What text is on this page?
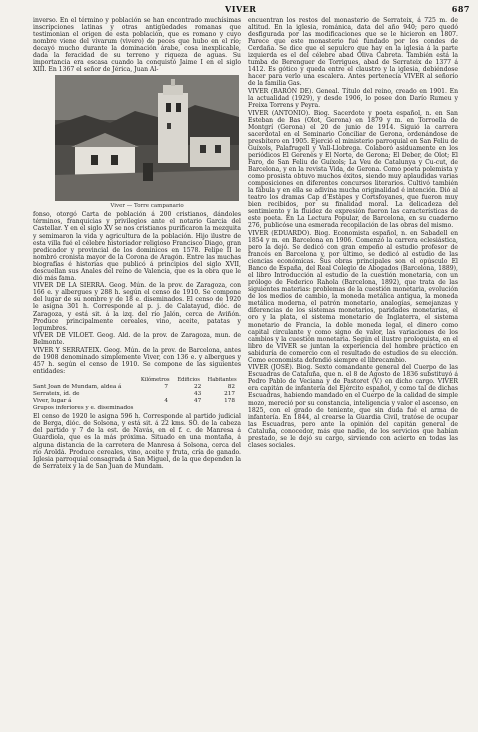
VIVER	687

inverso. En el término y población se han encontrado muchísimas inscripciones latinas y otras antigüedades romanas que testimonian el origen de esta población, que es romano y cuyo nombre viene del vivarum (vivero) de peces que hubo en el río; decayó mucho durante la dominación árabe, cosa inexplicable, dada la feracidad de su terreno y riqueza de aguas. Su importancia era escasa cuando la conquistó Jaime I en el siglo XIII. En 1367 el señor de Jérica, Juan Al-

Viver — Torre campanario

fonso, otorgó Carta de población á 200 cristianos, dándoles términos, franquicias y privilegios ante el notario Garcia del Castellar. Y en el siglo XV se nos cristianos purificaron la mezquita y semimaron la vida y agricultura de la población. Hijo ilustre de esta villa fué el célebre historiador religioso Francisco Diago, gran predicador y provincial de los dominicos en 1578. Felipe II le nombró cronista mayor de la Corona de Aragón. Entre las muchas biografías é historias que publicó á principios del siglo XVII, descuellan sus Anales del reino de Valencia, que es la obra que le dió más fama.

VIVER DE LA SIERRA. Geog. Mún. de la prov. de Zaragoza, con 166 e. y albergues y 288 h. según el censo de 1910. Se compone del lugar de su nombre y de 18 e. diseminados. El censo de 1920 le asigna 301 h. Corresponde al p. j. de Calatayud, dióc. de Zaragoza, y está sit. á la izq. del río Jalón, cerca de Aviñón. Produce principalmente cereales, vino, aceite, patatas y legumbres.

VIVER DE VILOET. Geog. Ald. de la prov. de Zaragoza, mun. de Belmonte.

VIVER Y SERRATEIX. Geog. Mún. de la prov. de Barcelona, antes de 1908 denominado simplemente Viver, con 136 e. y albergues y 457 h. según el censo de 1910. Se compone de las siguientes entidades:

	Kilómetros	Edificios	Habitantes
Sant Joan de Mundam, aldea á	7	22	82
Serrateix, íd. de		43	217
Viver, lugar á	4	47	178
Grupos inferiores y e. diseminados			

El censo de 1920 le asigna 596 h. Corresponde al partido judicial de Berga, dióc. de Solsona, y está sit. á 22 kms. SO. de la cabeza del partido y 7 de la est. de Navás, en el f. c. de Manresa á Guardiola, que es la más próxima. Situado en una montaña, á alguna distancia de la carretera de Manresa á Solsona, cerca del río Aroldá. Produce cereales, vino, aceite y fruta, cría de ganado. Iglesia parroquial consagrada á San Miguel, de la que dependen la de Serrateix y la de San Juan de Mundam.

encuentran los restos del monasterio de Serrateix, á 725 m. de altitud. En la iglesia, románica, data del año 940; pero quedó desfigurada por las modificaciones que se le hicieron en 1807. Parece que este monasterio fué fundado por los condes de Cerdaña. Se dice que el sepulcro que hay en la iglesia á la parte izquierda es el del célebre abad Oliva Cabreta. También está la tumba de Berenguer de Torrigues, abad de Serrateix de 1377 á 1412. Es gótico y queda entre el claustro y la iglesia, debiéndose hacer para verlo una escalera. Antes pertenecía VIVER al señorío de la familia Gas.

VIVER (BARÓN DE). Geneal. Título del reino, creado en 1901. En la actualidad (1929), y desde 1906, lo posee don Darío Rumeu y Freixa Torrens y Peyra.

VIVER (ANTONIO). Biog. Sacerdote y poeta español, n. en San Esteban de Bas (Olot, Gerona) en 1879 y m. en Torroella de Montgrí (Gerona) el 20 de junio de 1914. Siguió la carrera sacerdotal en el Seminario Conciliar de Gerona, ordenándose de presbítero en 1905. Ejerció el ministerio parroquial en San Feliu de Guíxols, Palafrugell y Vall-Llobrega. Colaboró asiduamente en los periódicos El Gerenès y El Norte, de Gerona; El Deber, de Olot; El Faro, de San Feliu de Guíxols; La Veu de Catalunya y Cu-cut, de Barcelona, y en la revista Vida, de Gerona. Como poeta polemista y como prosista obtuvo muchos éxitos, siendo muy aplaudidas varias composiciones en diferentes concursos literarios. Cultivó también la fábula y en ella se adivina mucha originalidad é intención. Dió al teatro los dramas Cap d'Estàpes y Cortsfoyanes, que fueron muy bien recibidos, por su finalidad moral. La delicadeza del sentimiento y la fluidez de expresión fueron las características de este poeta. En La Lectura Popular, de Barcelona, en su cuaderno 276, publicóse una esmerada recopilación de las obras del mismo.

VIVER (EDUARDO). Biog. Economista español, n. en Sabadell en 1854 y m. en Barcelona en 1906. Comenzó la carrera eclesiástica, pero la dejó. Se dedicó con gran empeño al estudio profesor de francés en Barcelona y, por último, se dedicó al estudio de las ciencias económicas. Sus obras principales son el opúsculo El Banco de España, del Real Colegio de Abogados (Barcelona, 1889), el libro Introducción al estudio de la cuestión monetaria, con un prólogo de Federico Rahola (Barcelona, 1892), que trata de las siguientes materias: problemas de la cuestión monetaria, evolución de los medios de cambio, la moneda metálica antigua, la moneda metálica moderna, el patrón monetario, analogías, semejanzas y diferencias de los sistemas monetarios, paridades monetarias, el oro y la plata, el sistema monetario de Inglaterra, el sistema monetario de Francia, la doble moneda legal, el dinero como capital circulante y como signo de valor, las variaciones de los cambios y la cuestión monetaria. Según el ilustre prologuista, en el libro de VIVER se juntan la experiencia del hombre práctico en sabiduría de comercio con el resultado de estudios de su elección. Como economista defendió siempre el librecambio.

VIVER (JOSÉ). Biog. Sexto comandante general del Cuerpo de las Escuadras de Cataluña, que n. el 8 de Agosto de 1836 substituyó á Pedro Pablo de Veciana y de Pastoret (V.) en dicho cargo. VIVER era capitán de infantería del Ejército español, y como tal de dichas Escuadras, habiendo mandado en el Cuerpo de la calidad de simple mozo, mereció por su constancia, inteligencia y valor el ascenso, en 1825, con el grado de teniente, que sin duda fué el arma de infantería. En 1844, al crearse la Guardia Civil, tratóse de ocupar las Escuadras, pero ante la opinión del capitán general de Cataluña, conocedor, más que nadie, de los servicios que habían prestado, se le dejó su cargo, sirviendo con acierto en todas las clases sociales.
